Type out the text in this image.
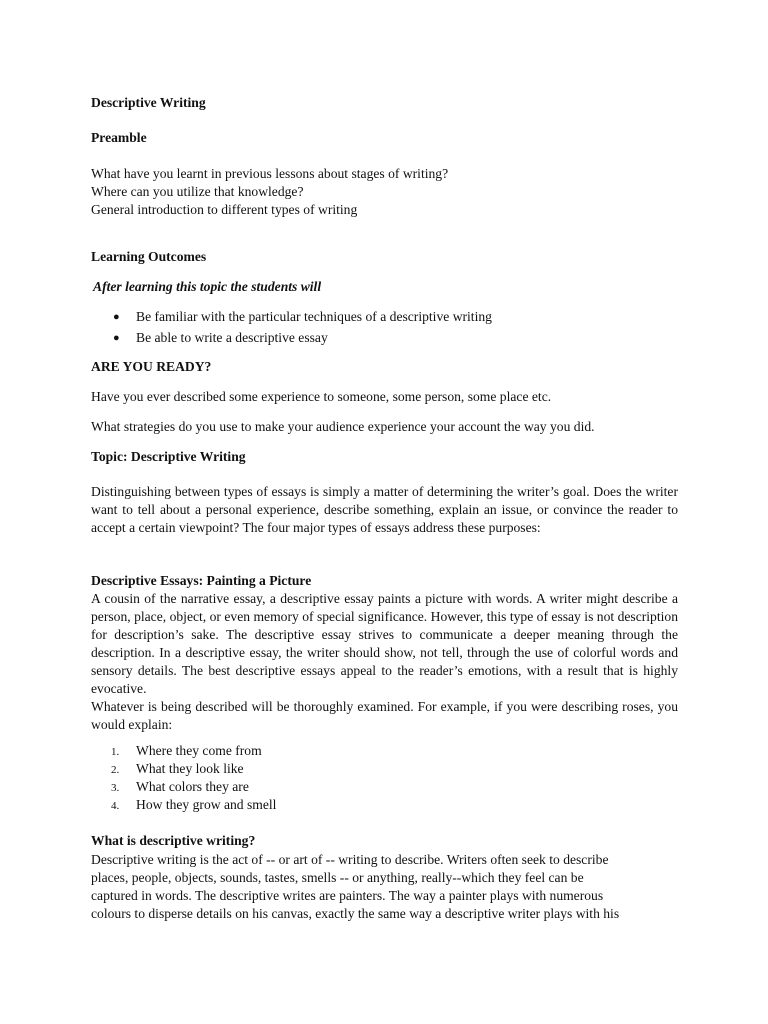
Descriptive Writing

Preamble

What have you learnt in previous lessons about stages of writing?

Where can you utilize that knowledge?

General introduction to different types of writing

Learning Outcomes

After learning this topic the students will

● Be familiar with the particular techniques of a descriptive writing
● Be able to write a descriptive essay

ARE YOU READY?

Have you ever described some experience to someone, some person, some place etc.

What strategies do you use to make your audience experience your account the way you did.

Topic: Descriptive Writing

Distinguishing between types of essays is simply a matter of determining the writer’s goal. Does the writer want to tell about a personal experience, describe something, explain an issue, or convince the reader to accept a certain viewpoint? The four major types of essays address these purposes:

Descriptive Essays: Painting a Picture

A cousin of the narrative essay, a descriptive essay paints a picture with words. A writer might describe a person, place, object, or even memory of special significance. However, this type of essay is not description for description’s sake. The descriptive essay strives to communicate a deeper meaning through the description. In a descriptive essay, the writer should show, not tell, through the use of colorful words and sensory details. The best descriptive essays appeal to the reader’s emotions, with a result that is highly evocative.

Whatever is being described will be thoroughly examined. For example, if you were describing roses, you would explain:

1. Where they come from
2. What they look like
3. What colors they are
4. How they grow and smell

What is descriptive writing?

Descriptive writing is the act of -- or art of -- writing to describe. Writers often seek to describe

places, people, objects, sounds, tastes, smells -- or anything, really--which they feel can be

captured in words. The descriptive writes are painters. The way a painter plays with numerous

colours to disperse details on his canvas, exactly the same way a descriptive writer plays with his
